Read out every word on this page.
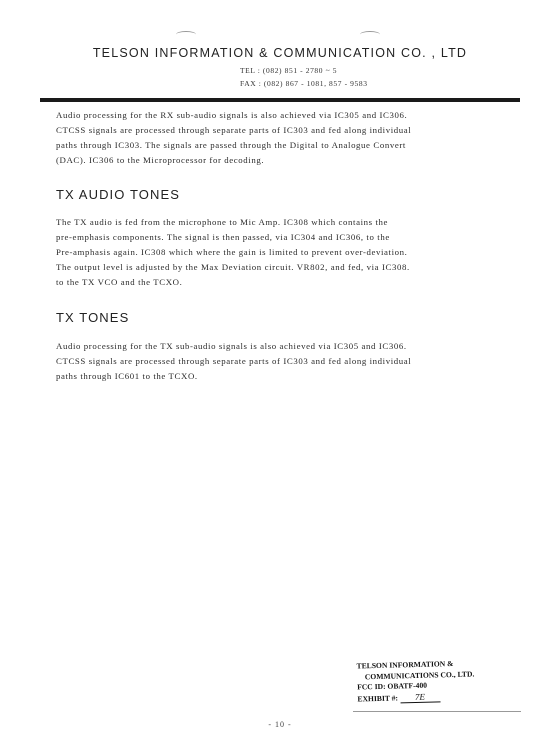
TELSON INFORMATION & COMMUNICATION CO. , LTD
TEL : (082) 851 - 2780 ~ 5
FAX : (082) 867 - 1081, 857 - 9583

Audio processing for the RX sub-audio signals is also achieved via IC305 and IC306.
CTCSS signals are processed through separate parts of IC303 and fed along individual
paths through IC303. The signals are passed through the Digital to Analogue Convert
(DAC). IC306 to the Microprocessor for decoding.

TX AUDIO TONES

The TX audio is fed from the microphone to Mic Amp. IC308 which contains the
pre-emphasis components. The signal is then passed, via IC304 and IC306, to the
Pre-amphasis again. IC308 which where the gain is limited to prevent over-deviation.
The output level is adjusted by the Max Deviation circuit. VR802, and fed, via IC308.
to the TX VCO and the TCXO.

TX TONES

Audio processing for the TX sub-audio signals is also achieved via IC305 and IC306.
CTCSS signals are processed through separate parts of IC303 and fed along individual
paths through IC601 to the TCXO.

TELSON INFORMATION &
COMMUNICATIONS CO., LTD.
FCC ID: OBATF-400
EXHIBIT #: 7E
- 10 -
